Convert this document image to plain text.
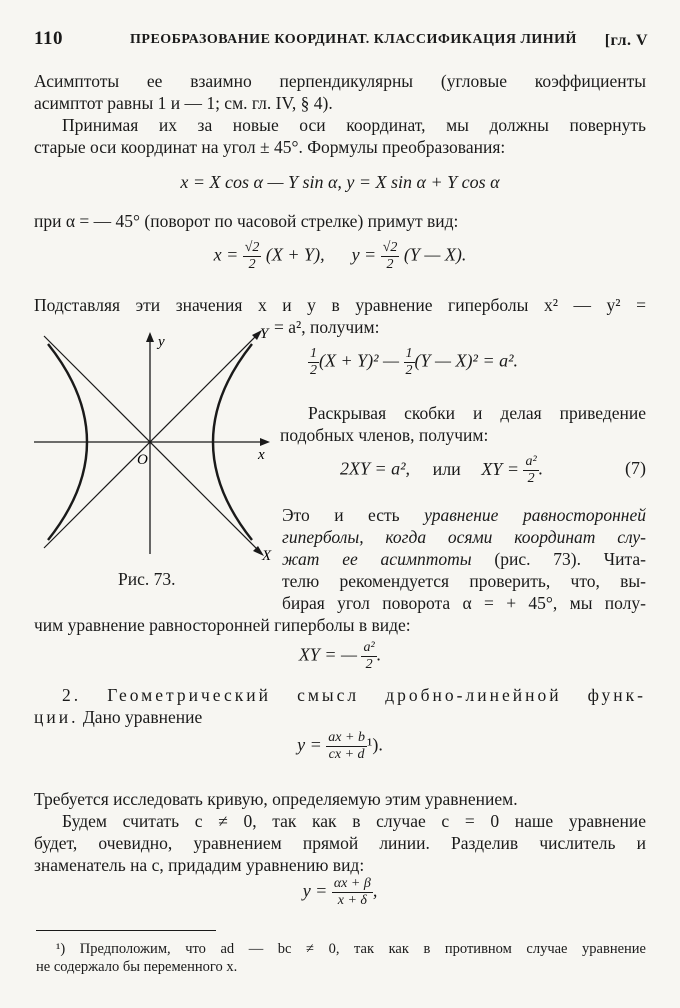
110	ПРЕОБРАЗОВАНИЕ КООРДИНАТ. КЛАССИФИКАЦИЯ ЛИНИЙ [гл. V
Асимптоты ее взаимно перпендикулярны (угловые коэффициенты
асимптот равны 1 и — 1; см. гл. IV, § 4).
Принимая их за новые оси координат, мы должны повернуть
старые оси координат на угол ± 45°. Формулы преобразования:
x = X cos α — Y sin α, y = X sin α + Y cos α
при α = — 45° (поворот по часовой стрелке) примут вид:
$x = \frac{√2}{2} (X + Y)$, $y = \frac{√2}{2} (Y$ — X).
Подставляя эти значения x и y в уравнение гиперболы x² — y² =
= a², получим:
y
x
Y
X
O
Рис. 73.
$\frac{1}{2} (X + Y)^2$ — $\frac{1}{2} (Y$ — X)² = a².
Раскрывая скобки и делая приведение
подобных членов, получим:
2XY = a², или XY = $\frac{\text{a²}}{2}$ .	(7)
Это и есть уравнение равносторонней
гиперболы, когда осями координат слу-
жат ее асимптоты (рис. 73). Чита-
телю рекомендуется проверить, что, вы-
бирая угол поворота α = + 45°, мы полу-
чим уравнение равносторонней гиперболы в виде:
XY = — $\frac{\text{a²}}{2}$ .
2. Геометрический смысл дробно-линейной функ-
ции. Дано уравнение
$y = \frac{ax + b}{cx + d} ^1$).
Требуется исследовать кривую, определяемую этим уравнением.
Будем считать c ≠ 0, так как в случае c = 0 наше уравнение
будет, очевидно, уравнением прямой линии. Разделив числитель и
знаменатель на c, придадим уравнению вид:
$y = \frac{\alpha x + \beta}{x + \delta}$ ,
¹) Предположим, что ad — bc ≠ 0, так как в противном случае уравнение
не содержало бы переменного x.
